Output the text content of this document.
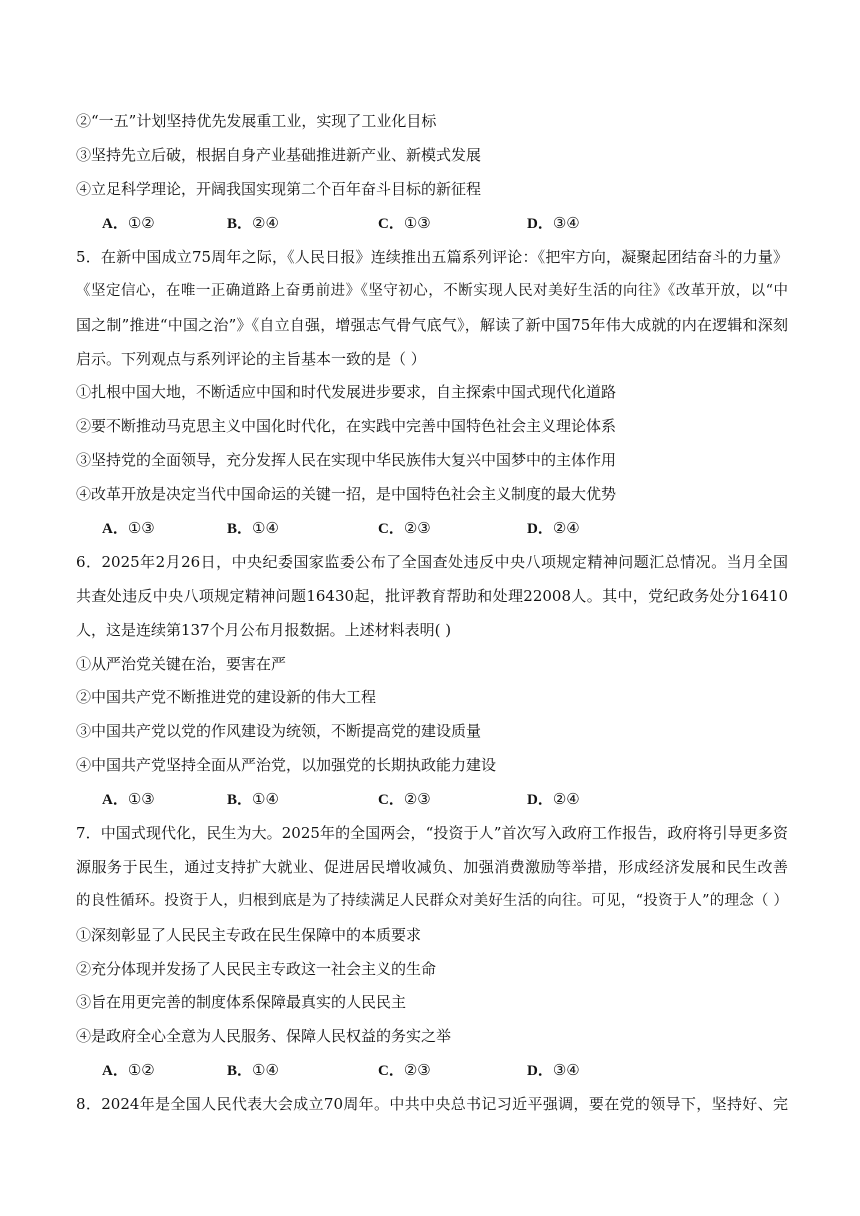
②“一五”计划坚持优先发展重工业，实现了工业化目标
③坚持先立后破，根据自身产业基础推进新产业、新模式发展
④立足科学理论，开阔我国实现第二个百年奋斗目标的新征程
A．①②	B．②④	C．①③	D．③④
5．在新中国成立75周年之际，《人民日报》连续推出五篇系列评论：《把牢方向，凝聚起团结奋斗的力量》
《坚定信心，在唯一正确道路上奋勇前进》《坚守初心，不断实现人民对美好生活的向往》《改革开放，以“中
国之制”推进“中国之治”》《自立自强，增强志气骨气底气》，解读了新中国75年伟大成就的内在逻辑和深刻
启示。下列观点与系列评论的主旨基本一致的是（ ）
①扎根中国大地，不断适应中国和时代发展进步要求，自主探索中国式现代化道路
②要不断推动马克思主义中国化时代化，在实践中完善中国特色社会主义理论体系
③坚持党的全面领导，充分发挥人民在实现中华民族伟大复兴中国梦中的主体作用
④改革开放是决定当代中国命运的关键一招，是中国特色社会主义制度的最大优势
A．①③	B．①④	C．②③	D．②④
6．2025年2月26日，中央纪委国家监委公布了全国查处违反中央八项规定精神问题汇总情况。当月全国
共查处违反中央八项规定精神问题16430起，批评教育帮助和处理22008人。其中，党纪政务处分16410
人，这是连续第137个月公布月报数据。上述材料表明( )
①从严治党关键在治，要害在严
②中国共产党不断推进党的建设新的伟大工程
③中国共产党以党的作风建设为统领，不断提高党的建设质量
④中国共产党坚持全面从严治党，以加强党的长期执政能力建设
A．①③	B．①④	C．②③	D．②④
7．中国式现代化，民生为大。2025年的全国两会，“投资于人”首次写入政府工作报告，政府将引导更多资
源服务于民生，通过支持扩大就业、促进居民增收减负、加强消费激励等举措，形成经济发展和民生改善
的良性循环。投资于人，归根到底是为了持续满足人民群众对美好生活的向往。可见，“投资于人”的理念（ ）
①深刻彰显了人民民主专政在民生保障中的本质要求
②充分体现并发扬了人民民主专政这一社会主义的生命
③旨在用更完善的制度体系保障最真实的人民民主
④是政府全心全意为人民服务、保障人民权益的务实之举
A．①②	B．①④	C．②③	D．③④
8．2024年是全国人民代表大会成立70周年。中共中央总书记习近平强调，要在党的领导下，坚持好、完
